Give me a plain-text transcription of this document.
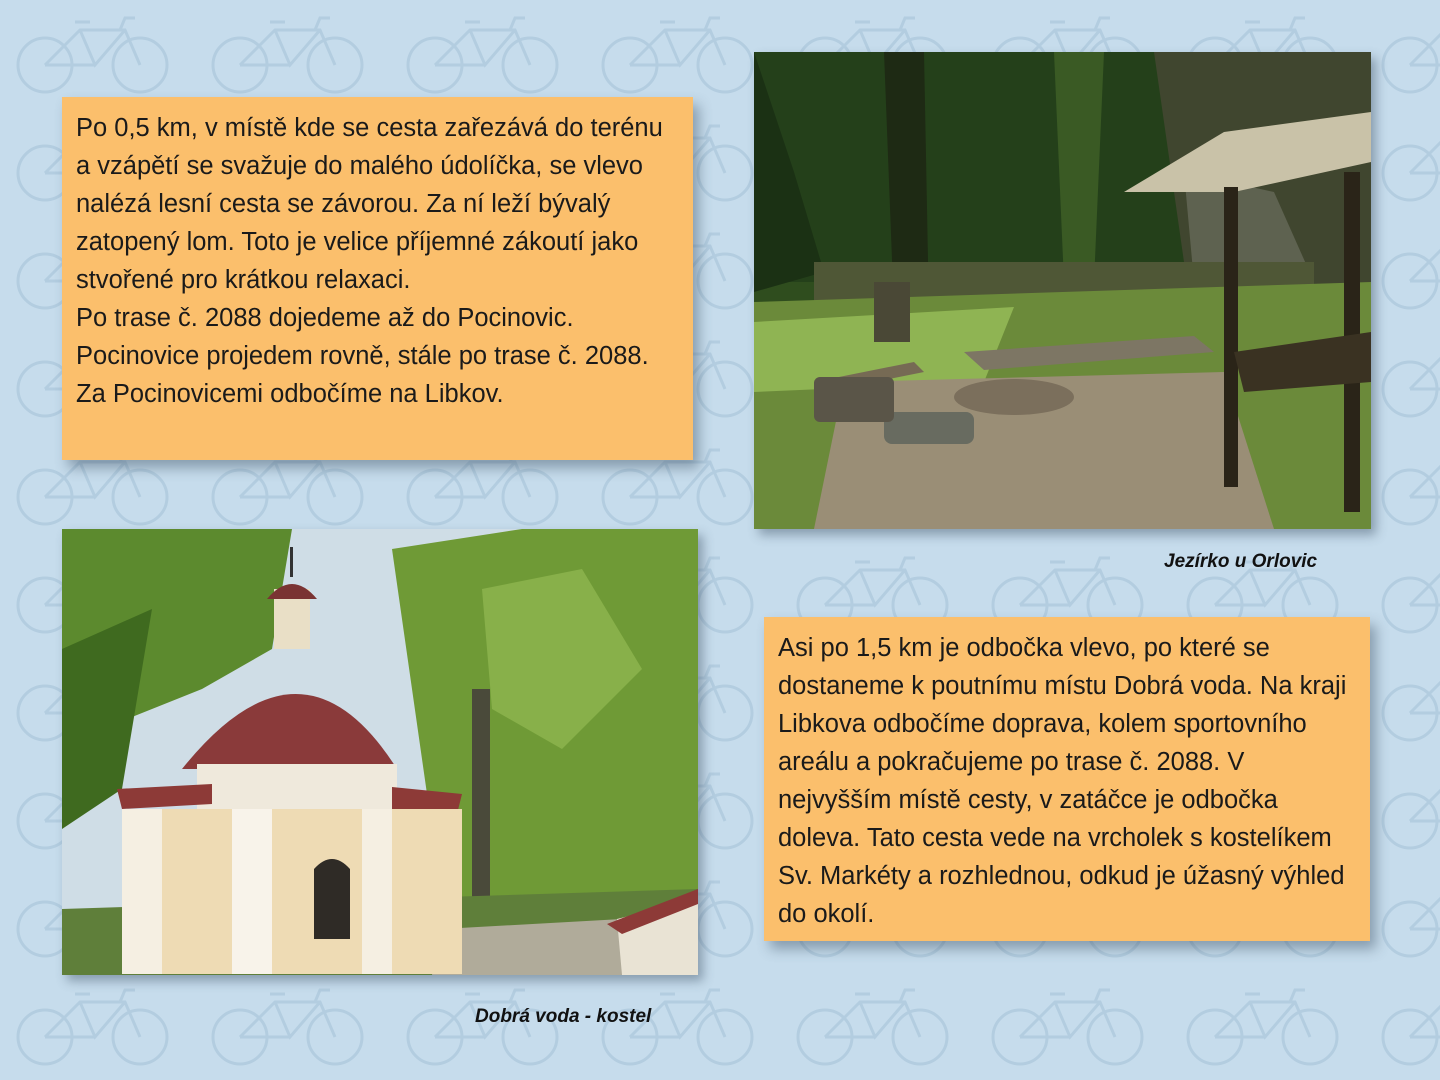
Po 0,5 km, v místě kde se cesta zařezává do terénu a vzápětí se svažuje do malého údolíčka, se vlevo nalézá lesní cesta se závorou. Za ní leží bývalý zatopený lom. Toto je velice příjemné zákoutí jako stvořené pro krátkou relaxaci.

Po trase č. 2088 dojedeme až do Pocinovic. Pocinovice projedem rovně, stále po trase č. 2088. Za Pocinovicemi odbočíme na Libkov.

Jezírko u Orlovic
Dobrá voda - kostel

Asi po 1,5 km je odbočka vlevo, po které se dostaneme k poutnímu místu Dobrá voda. Na kraji Libkova odbočíme doprava, kolem sportovního areálu a pokračujeme po trase č. 2088. V nejvyšším místě cesty, v zatáčce je odbočka doleva. Tato cesta vede na vrcholek s kostelíkem Sv. Markéty a rozhlednou, odkud je úžasný výhled do okolí.
